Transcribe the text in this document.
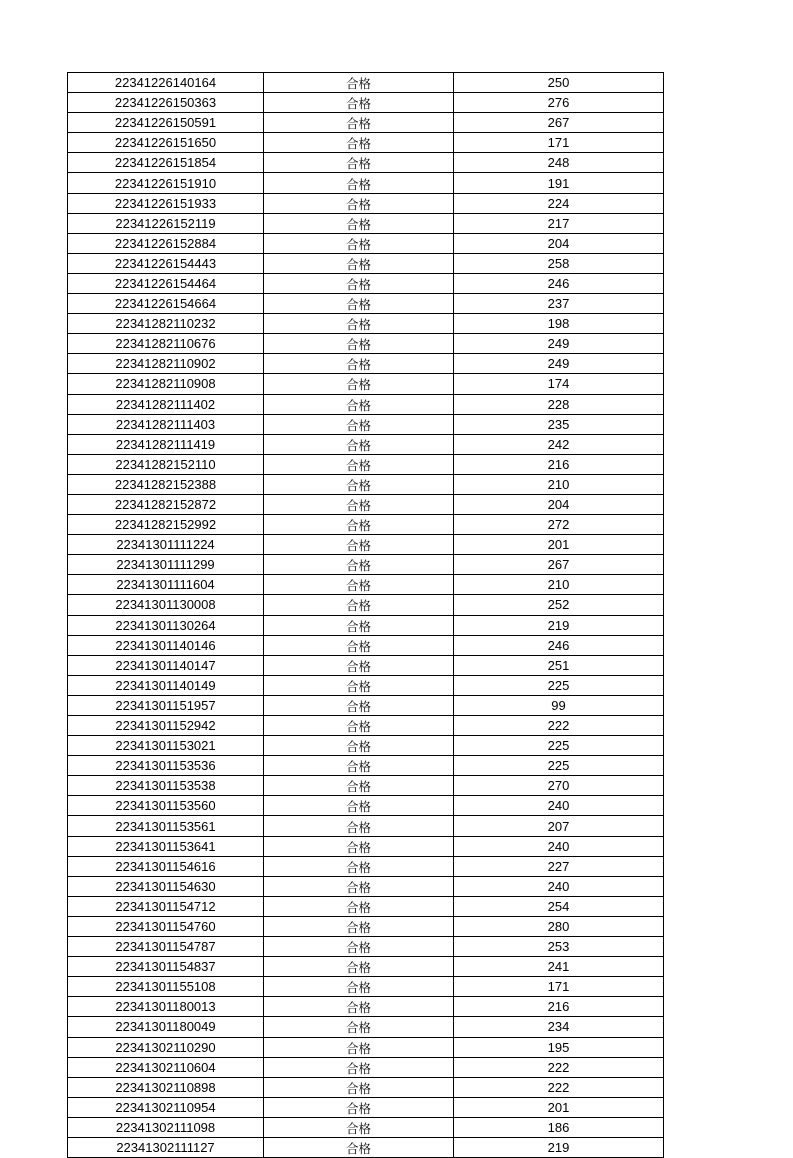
22341226140164	合格	250
22341226150363	合格	276
22341226150591	合格	267
22341226151650	合格	171
22341226151854	合格	248
22341226151910	合格	191
22341226151933	合格	224
22341226152119	合格	217
22341226152884	合格	204
22341226154443	合格	258
22341226154464	合格	246
22341226154664	合格	237
22341282110232	合格	198
22341282110676	合格	249
22341282110902	合格	249
22341282110908	合格	174
22341282111402	合格	228
22341282111403	合格	235
22341282111419	合格	242
22341282152110	合格	216
22341282152388	合格	210
22341282152872	合格	204
22341282152992	合格	272
22341301111224	合格	201
22341301111299	合格	267
22341301111604	合格	210
22341301130008	合格	252
22341301130264	合格	219
22341301140146	合格	246
22341301140147	合格	251
22341301140149	合格	225
22341301151957	合格	99
22341301152942	合格	222
22341301153021	合格	225
22341301153536	合格	225
22341301153538	合格	270
22341301153560	合格	240
22341301153561	合格	207
22341301153641	合格	240
22341301154616	合格	227
22341301154630	合格	240
22341301154712	合格	254
22341301154760	合格	280
22341301154787	合格	253
22341301154837	合格	241
22341301155108	合格	171
22341301180013	合格	216
22341301180049	合格	234
22341302110290	合格	195
22341302110604	合格	222
22341302110898	合格	222
22341302110954	合格	201
22341302111098	合格	186
22341302111127	合格	219
